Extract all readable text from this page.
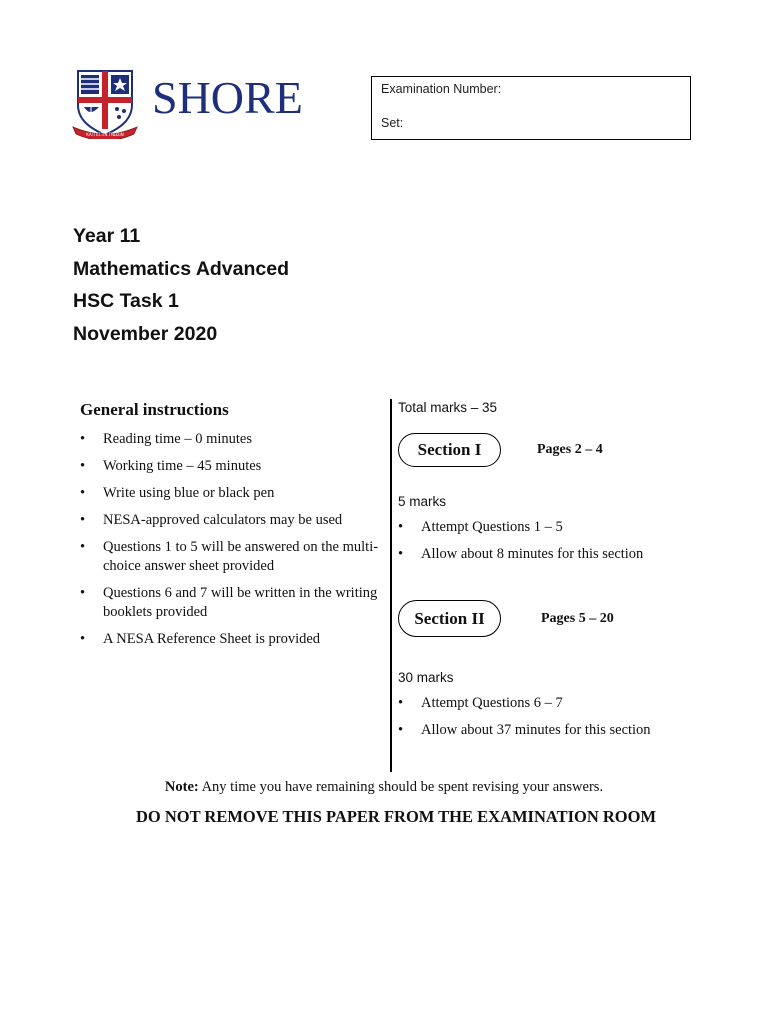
ΚΑΙ ΠΙΣΤΙΝ ΓΝΩΣΙΝ
SHORE	Examination Number:
Set:
Year 11
Mathematics Advanced
HSC Task 1
November 2020
General instructions
• Reading time – 0 minutes
• Working time – 45 minutes
• Write using blue or black pen
• NESA-approved calculators may be used
• Questions 1 to 5 will be answered on the multi-choice answer sheet provided
• Questions 6 and 7 will be written in the writing booklets provided
• A NESA Reference Sheet is provided
Total marks – 35
Section I	Pages 2 – 4
5 marks
• Attempt Questions 1 – 5
• Allow about 8 minutes for this section
Section II	Pages 5 – 20
30 marks
• Attempt Questions 6 – 7
• Allow about 37 minutes for this section
Note: Any time you have remaining should be spent revising your answers.
DO NOT REMOVE THIS PAPER FROM THE EXAMINATION ROOM
